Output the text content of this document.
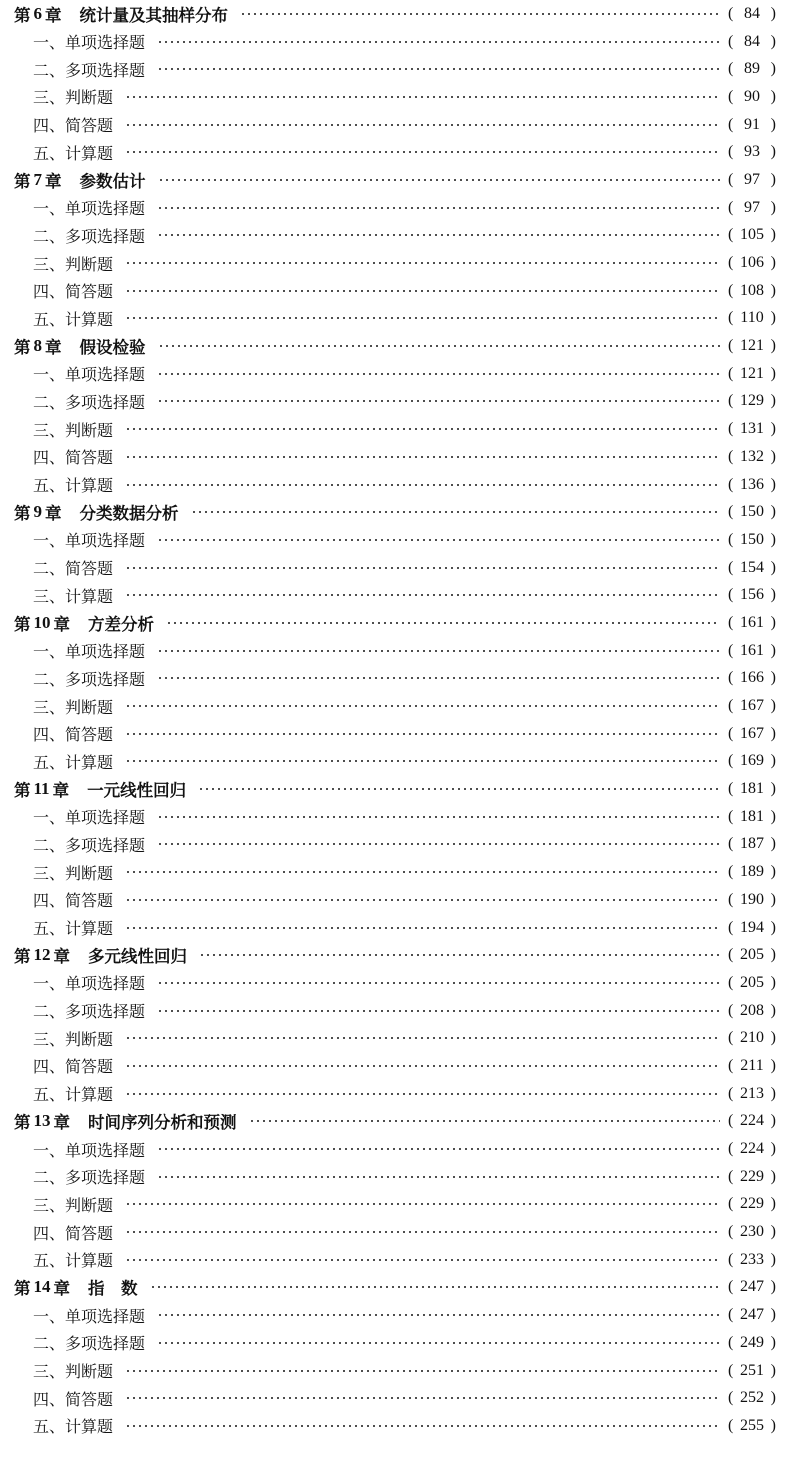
第 6 章 统计量及其抽样分布	( 84 )
一、单项选择题	( 84 )
二、多项选择题	( 89 )
三、判断题	( 90 )
四、简答题	( 91 )
五、计算题	( 93 )
第 7 章 参数估计	( 97 )
一、单项选择题	( 97 )
二、多项选择题	( 105 )
三、判断题	( 106 )
四、简答题	( 108 )
五、计算题	( 110 )
第 8 章 假设检验	( 121 )
一、单项选择题	( 121 )
二、多项选择题	( 129 )
三、判断题	( 131 )
四、简答题	( 132 )
五、计算题	( 136 )
第 9 章 分类数据分析	( 150 )
一、单项选择题	( 150 )
二、简答题	( 154 )
三、计算题	( 156 )
第 10 章 方差分析	( 161 )
一、单项选择题	( 161 )
二、多项选择题	( 166 )
三、判断题	( 167 )
四、简答题	( 167 )
五、计算题	( 169 )
第 11 章 一元线性回归	( 181 )
一、单项选择题	( 181 )
二、多项选择题	( 187 )
三、判断题	( 189 )
四、简答题	( 190 )
五、计算题	( 194 )
第 12 章 多元线性回归	( 205 )
一、单项选择题	( 205 )
二、多项选择题	( 208 )
三、判断题	( 210 )
四、简答题	( 211 )
五、计算题	( 213 )
第 13 章 时间序列分析和预测	( 224 )
一、单项选择题	( 224 )
二、多项选择题	( 229 )
三、判断题	( 229 )
四、简答题	( 230 )
五、计算题	( 233 )
第 14 章 指　数	( 247 )
一、单项选择题	( 247 )
二、多项选择题	( 249 )
三、判断题	( 251 )
四、简答题	( 252 )
五、计算题	( 255 )
